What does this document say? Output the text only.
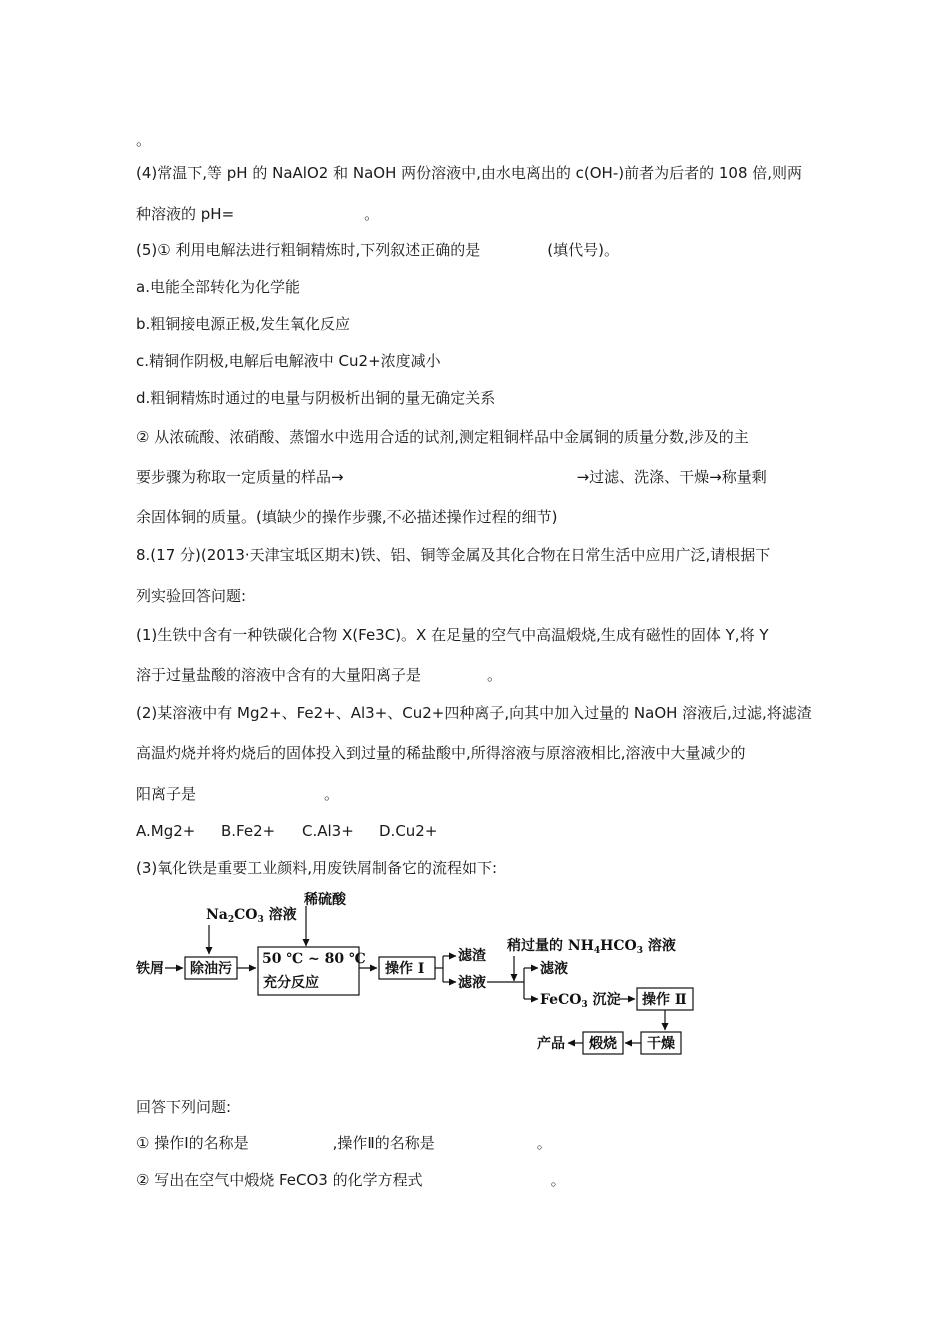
。
(4)常温下,等 pH 的 NaAlO2 和 NaOH 两份溶液中,由水电离出的 c(OH-)前者为后者的 108 倍,则两
种溶液的 pH=	。
(5)① 利用电解法进行粗铜精炼时,下列叙述正确的是	(填代号)。
a.电能全部转化为化学能
b.粗铜接电源正极,发生氧化反应
c.精铜作阴极,电解后电解液中 Cu2+浓度减小
d.粗铜精炼时通过的电量与阴极析出铜的量无确定关系
② 从浓硫酸、浓硝酸、蒸馏水中选用合适的试剂,测定粗铜样品中金属铜的质量分数,涉及的主
要步骤为称取一定质量的样品→	→过滤、洗涤、干燥→称量剩
余固体铜的质量。(填缺少的操作步骤,不必描述操作过程的细节)
8.(17 分)(2013·天津宝坻区期末)铁、铝、铜等金属及其化合物在日常生活中应用广泛,请根据下
列实验回答问题:
(1)生铁中含有一种铁碳化合物 X(Fe3C)。X 在足量的空气中高温煅烧,生成有磁性的固体 Y,将 Y
溶于过量盐酸的溶液中含有的大量阳离子是	。
(2)某溶液中有 Mg2+、Fe2+、Al3+、Cu2+四种离子,向其中加入过量的 NaOH 溶液后,过滤,将滤渣
高温灼烧并将灼烧后的固体投入到过量的稀盐酸中,所得溶液与原溶液相比,溶液中大量减少的
阳离子是	。
A.Mg2+ B.Fe2+ C.Al3+ D.Cu2+
(3)氧化铁是重要工业颜料,用废铁屑制备它的流程如下:
$Na_2CO_3$ 溶液
稀硫酸
铁屑 除油污
50 ℃ ~ 80 ℃
充分反应
操作 Ⅰ
滤渣
滤液
稍过量的 $NH_4HCO_3$ 溶液
滤液
FeCO$_3$ 沉淀 操作 Ⅱ
干燥
煅烧
产品
回答下列问题:
① 操作Ⅰ的名称是	,操作Ⅱ的名称是	。
② 写出在空气中煅烧 FeCO3 的化学方程式	。
